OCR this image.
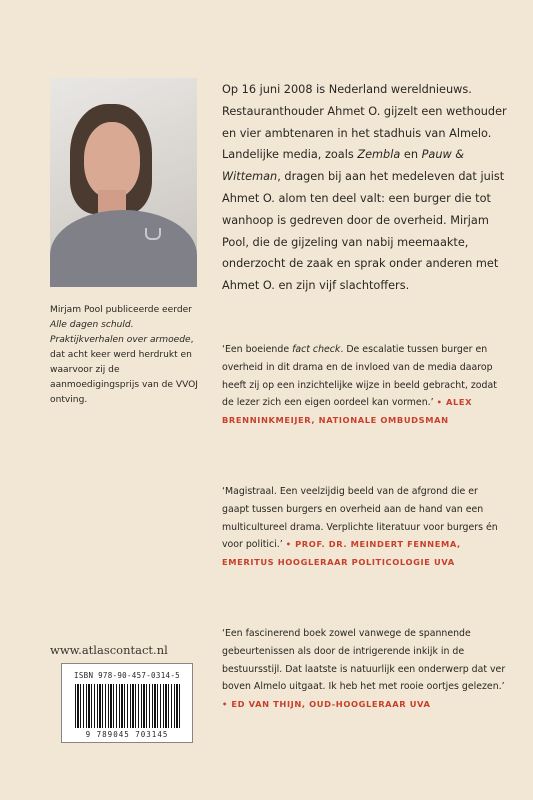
Mirjam Pool publiceerde eerder Alle dagen schuld. Praktijkverhalen over armoede, dat acht keer werd herdrukt en waarvoor zij de aanmoedigingsprijs van de VVOJ ontving.

www.atlascontact.nl
ISBN 978-90-457-0314-5
9 789045 703145

Op 16 juni 2008 is Nederland wereldnieuws. Restauranthouder Ahmet O. gijzelt een wethouder en vier ambtenaren in het stadhuis van Almelo. Landelijke media, zoals Zembla en Pauw & Witteman, dragen bij aan het medeleven dat juist Ahmet O. alom ten deel valt: een burger die tot wanhoop is gedreven door de overheid. Mirjam Pool, die de gijzeling van nabij meemaakte, onderzocht de zaak en sprak onder anderen met Ahmet O. en zijn vijf slachtoffers.

‘Een boeiende fact check. De escalatie tussen burger en overheid in dit drama en de invloed van de media daarop heeft zij op een inzichtelijke wijze in beeld gebracht, zodat de lezer zich een eigen oordeel kan vormen.’ • ALEX BRENNINKMEIJER, NATIONALE OMBUDSMAN

‘Magistraal. Een veelzijdig beeld van de afgrond die er gaapt tussen burgers en overheid aan de hand van een multicultureel drama. Verplichte literatuur voor burgers én voor politici.’ • PROF. DR. MEINDERT FENNEMA, EMERITUS HOOGLERAAR POLITICOLOGIE UVA

‘Een fascinerend boek zowel vanwege de spannende gebeurtenissen als door de intrigerende inkijk in de bestuursstijl. Dat laatste is natuurlijk een onderwerp dat ver boven Almelo uitgaat. Ik heb het met rooie oortjes gelezen.’ • ED VAN THIJN, OUD-HOOGLERAAR UVA
